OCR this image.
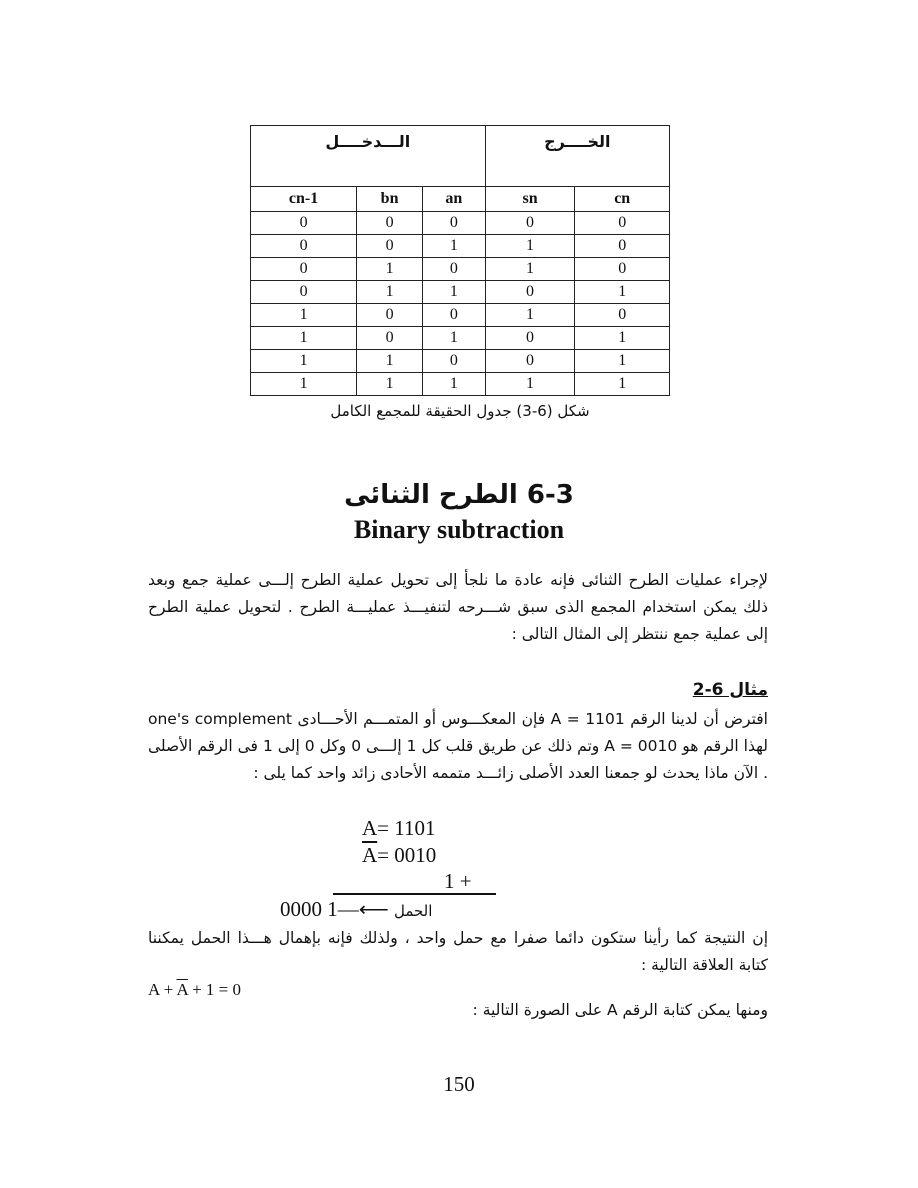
الـــدخــــل			الخــــرج	
cn-1	bn	an	sn	cn
0	0	0	0	0
0	0	1	1	0
0	1	0	1	0
0	1	1	0	1
1	0	0	1	0
1	0	1	0	1
1	1	0	0	1
1	1	1	1	1
شكل (6-3) جدول الحقيقة للمجمع الكامل
6-3 الطرح الثنائى
Binary subtraction
لإجراء عمليات الطرح الثنائى فإنه عادة ما نلجأ إلى تحويل عملية الطرح إلـــى عملية جمع وبعد ذلك يمكن استخدام المجمع الذى سبق شـــرحه لتنفيـــذ عمليـــة الطرح . لتحويل عملية الطرح إلى عملية جمع ننتظر إلى المثال التالى :
مثال 6-2
افترض أن لدينا الرقم A = 1101 فإن المعكـــوس أو المتمـــم الأحـــادى one's complement لهذا الرقم هو A = 0010 وتم ذلك عن طريق قلب كل 1 إلـــى 0 وكل 0 إلى 1 فى الرقم الأصلى . الآن ماذا يحدث لو جمعنا العدد الأصلى زائـــد متممه الأحادى زائد واحد كما يلى :
A= 1101
$\overline{A}= 0010$
1 +
الحمل ⟵—1 0000
إن النتيجة كما رأينا ستكون دائما صفرا مع حمل واحد ، ولذلك فإنه بإهمال هـــذا الحمل يمكننا كتابة العلاقة التالية :
$A + \overline{A} + 1 = 0$
ومنها يمكن كتابة الرقم A على الصورة التالية :
150
